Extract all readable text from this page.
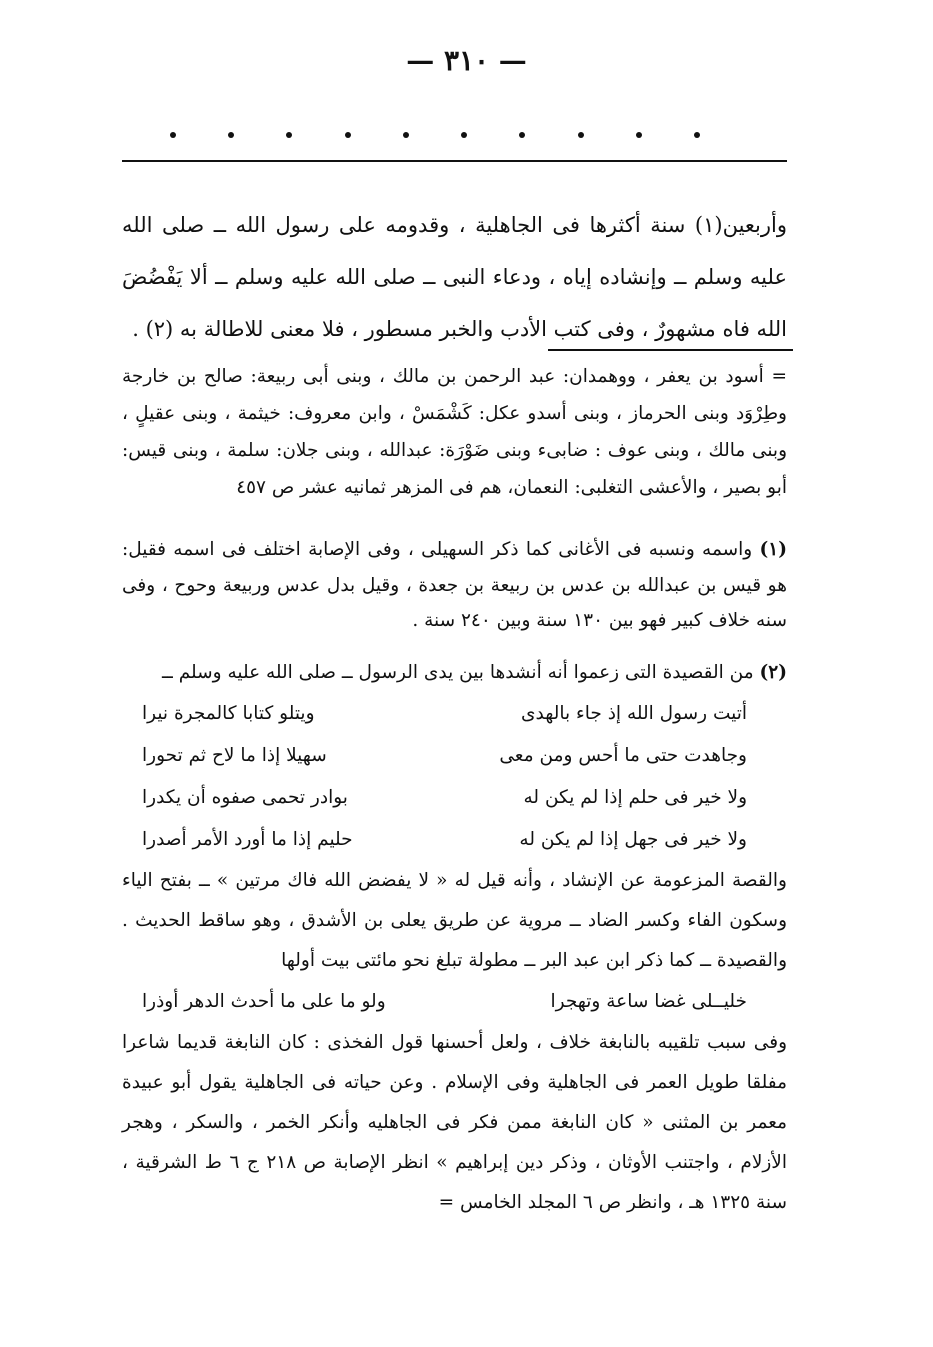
— ٣١٠ —

وأربعين(١) سنة أكثرها فى الجاهلية ، وقدومه على رسول الله ــ صلى الله عليه وسلم ــ وإنشاده إياه ، ودعاء النبى ــ صلى الله عليه وسلم ــ ألا يَفْضُضَ الله فاه مشهورٌ ، وفى كتب الأدب والخبر مسطور ، فلا معنى للاطالة به (٢) .

= أسود بن يعفر ، ووهمدان: عبد الرحمن بن مالك ، وبنى أبى ربيعة: صالح بن خارجة وطِرْوَد وبنى الحرماز ، وبنى أسدو عكل: كَشْمَسْ ، وابن معروف: خيثمة ، وبنى عقيلٍ ، وبنى مالك ، وبنى عوف : ضابىء وبنى ضَوْرَة: عبدالله ، وبنى جلان: سلمة ، وبنى قيس: أبو بصير ، والأعشى التغلبى: النعمان، هم فى المزهر ثمانيه عشر ص ٤٥٧

(١) واسمه ونسبه فى الأغانى كما ذكر السهيلى ، وفى الإصابة اختلف فى اسمه فقيل: هو قيس بن عبدالله بن عدس بن ربيعة بن جعدة ، وقيل بدل عدس وربيعة وحوح ، وفى سنه خلاف كبير فهو بين ١٣٠ سنة وبين ٢٤٠ سنة .

(٢) من القصيدة التى زعموا أنه أنشدها بين يدى الرسول ــ صلى الله عليه وسلم ــ

أتيت رسول الله إذ جاء بالهدى
ويتلو كتابا كالمجرة نيرا
وجاهدت حتى ما أحس ومن معى
سهيلا إذا ما لاح ثم تحورا
ولا خير فى حلم إذا لم يكن له
بوادر تحمى صفوه أن يكدرا
ولا خير فى جهل إذا لم يكن له
حليم إذا ما أورد الأمر أصدرا

والقصة المزعومة عن الإنشاد ، وأنه قيل له « لا يفضض الله فاك مرتين » ــ بفتح الياء وسكون الفاء وكسر الضاد ــ مروية عن طريق يعلى بن الأشدق ، وهو ساقط الحديث . والقصيدة ــ كما ذكر ابن عبد البر ــ مطولة تبلغ نحو مائتى بيت أولها

خليــلى غضا ساعة وتهجرا
ولو ما على ما أحدث الدهر أوذرا

وفى سبب تلقيبه بالنابغة خلاف ، ولعل أحسنها قول الفخذى : كان النابغة قديما شاعرا مفلقا طويل العمر فى الجاهلية وفى الإسلام . وعن حياته فى الجاهلية يقول أبو عبيدة معمر بن المثنى « كان النابغة ممن فكر فى الجاهليه وأنكر الخمر ، والسكر ، وهجر الأزلام ، واجتنب الأوثان ، وذكر دين إبراهيم » انظر الإصابة ص ٢١٨ ج ٦ ط الشرقية ، سنة ١٣٢٥ هـ ، وانظر ص ٦ المجلد الخامس =
